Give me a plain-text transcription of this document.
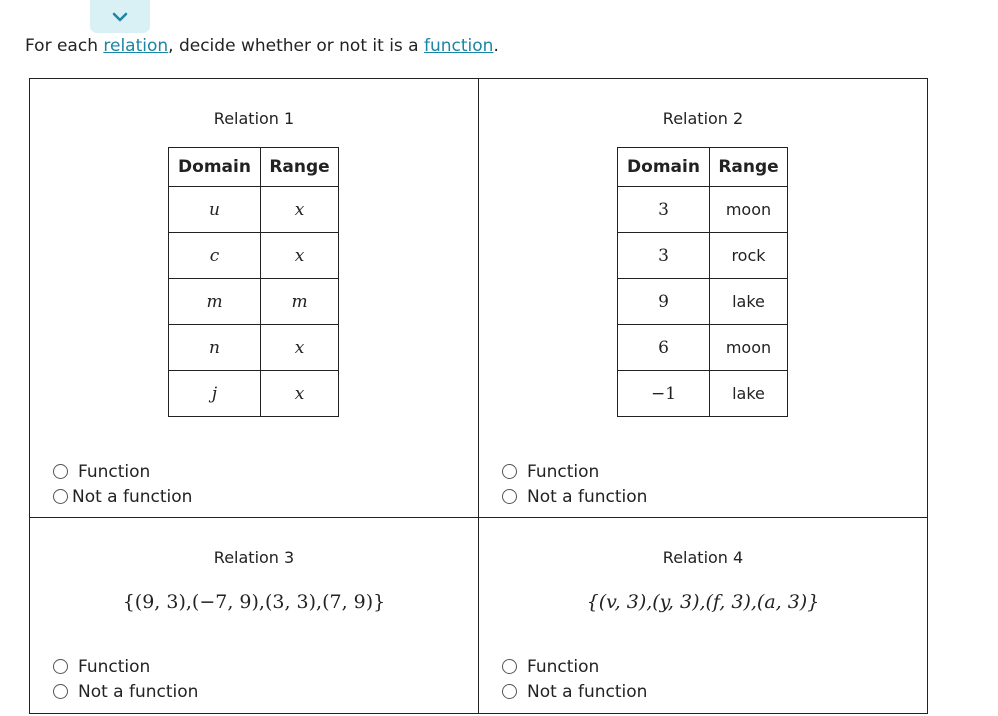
For each relation, decide whether or not it is a function.

Relation 1
Domain	Range
u	x
c	x
m	m
n	x
j	x
Function
Not a function
Relation 2
Domain	Range
3	moon
3	rock
9	lake
6	moon
−1	lake
Function
Not a function
Relation 3
{(9, 3),(−7, 9),(3, 3),(7, 9)}
Function
Not a function
Relation 4
{(v, 3),(y, 3),(f, 3),(a, 3)}
Function
Not a function
